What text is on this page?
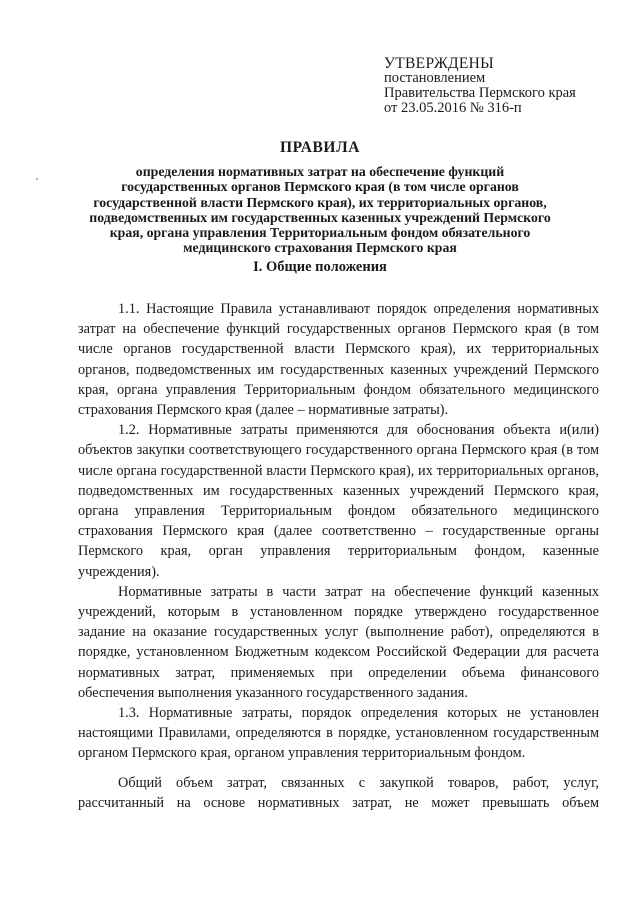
УТВЕРЖДЕНЫ
постановлением
Правительства Пермского края
от 23.05.2016 № 316-п
ПРАВИЛА
определения нормативных затрат на обеспечение функций государственных органов Пермского края (в том числе органов государственной власти Пермского края), их территориальных органов, подведомственных им государственных казенных учреждений Пермского края, органа управления Территориальным фондом обязательного медицинского страхования Пермского края
I. Общие положения

1.1. Настоящие Правила устанавливают порядок определения нормативных затрат на обеспечение функций государственных органов Пермского края (в том числе органов государственной власти Пермского края), их территориальных органов, подведомственных им государственных казенных учреждений Пермского края, органа управления Территориальным фондом обязательного медицинского страхования Пермского края (далее – нормативные затраты).

1.2. Нормативные затраты применяются для обоснования объекта и(или) объектов закупки соответствующего государственного органа Пермского края (в том числе органа государственной власти Пермского края), их территориальных органов, подведомственных им государственных казенных учреждений Пермского края, органа управления Территориальным фондом обязательного медицинского страхования Пермского края (далее соответственно – государственные органы Пермского края, орган управления территориальным фондом, казенные учреждения).

Нормативные затраты в части затрат на обеспечение функций казенных учреждений, которым в установленном порядке утверждено государственное задание на оказание государственных услуг (выполнение работ), определяются в порядке, установленном Бюджетным кодексом Российской Федерации для расчета нормативных затрат, применяемых при определении объема финансового обеспечения выполнения указанного государственного задания.

1.3. Нормативные затраты, порядок определения которых не установлен настоящими Правилами, определяются в порядке, установленном государственным органом Пермского края, органом управления территориальным фондом.

Общий объем затрат, связанных с закупкой товаров, работ, услуг, рассчитанный на основе нормативных затрат, не может превышать объем
